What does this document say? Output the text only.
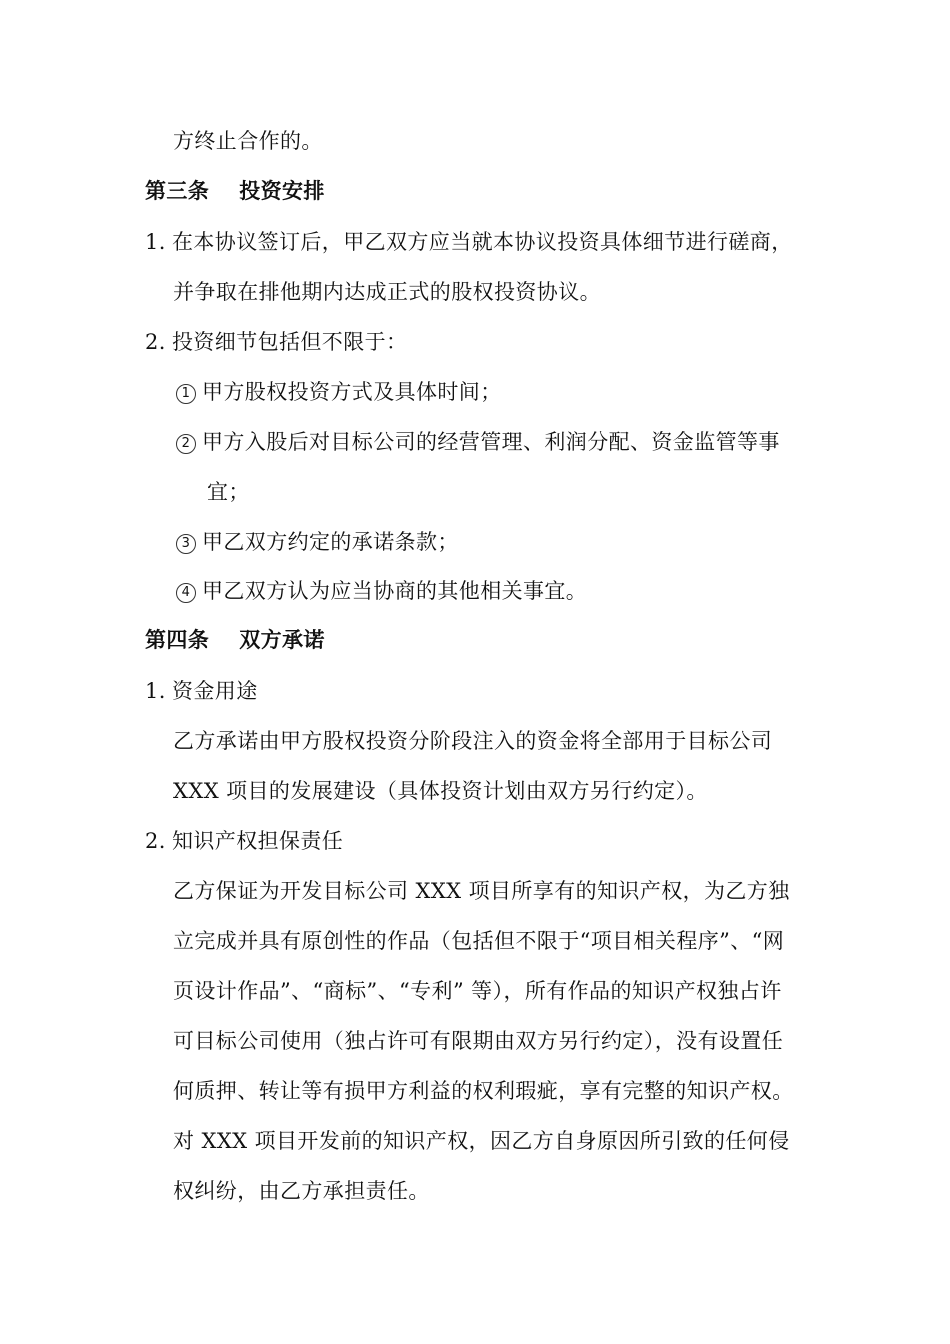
方终止合作的。
第三条 投资安排
1. 在本协议签订后，甲乙双方应当就本协议投资具体细节进行磋商，
并争取在排他期内达成正式的股权投资协议。
2. 投资细节包括但不限于：
1 甲方股权投资方式及具体时间；
2 甲方入股后对目标公司的经营管理、利润分配、资金监管等事
宜；
3 甲乙双方约定的承诺条款；
4 甲乙双方认为应当协商的其他相关事宜。
第四条 双方承诺
1. 资金用途
乙方承诺由甲方股权投资分阶段注入的资金将全部用于目标公司
XXX 项目的发展建设（具体投资计划由双方另行约定）。
2. 知识产权担保责任
乙方保证为开发目标公司 XXX 项目所享有的知识产权，为乙方独
立完成并具有原创性的作品（包括但不限于“项目相关程序”、“网
页设计作品”、“商标”、“专利” 等），所有作品的知识产权独占许
可目标公司使用（独占许可有限期由双方另行约定），没有设置任
何质押、转让等有损甲方利益的权利瑕疵，享有完整的知识产权。
对 XXX 项目开发前的知识产权，因乙方自身原因所引致的任何侵
权纠纷，由乙方承担责任。
